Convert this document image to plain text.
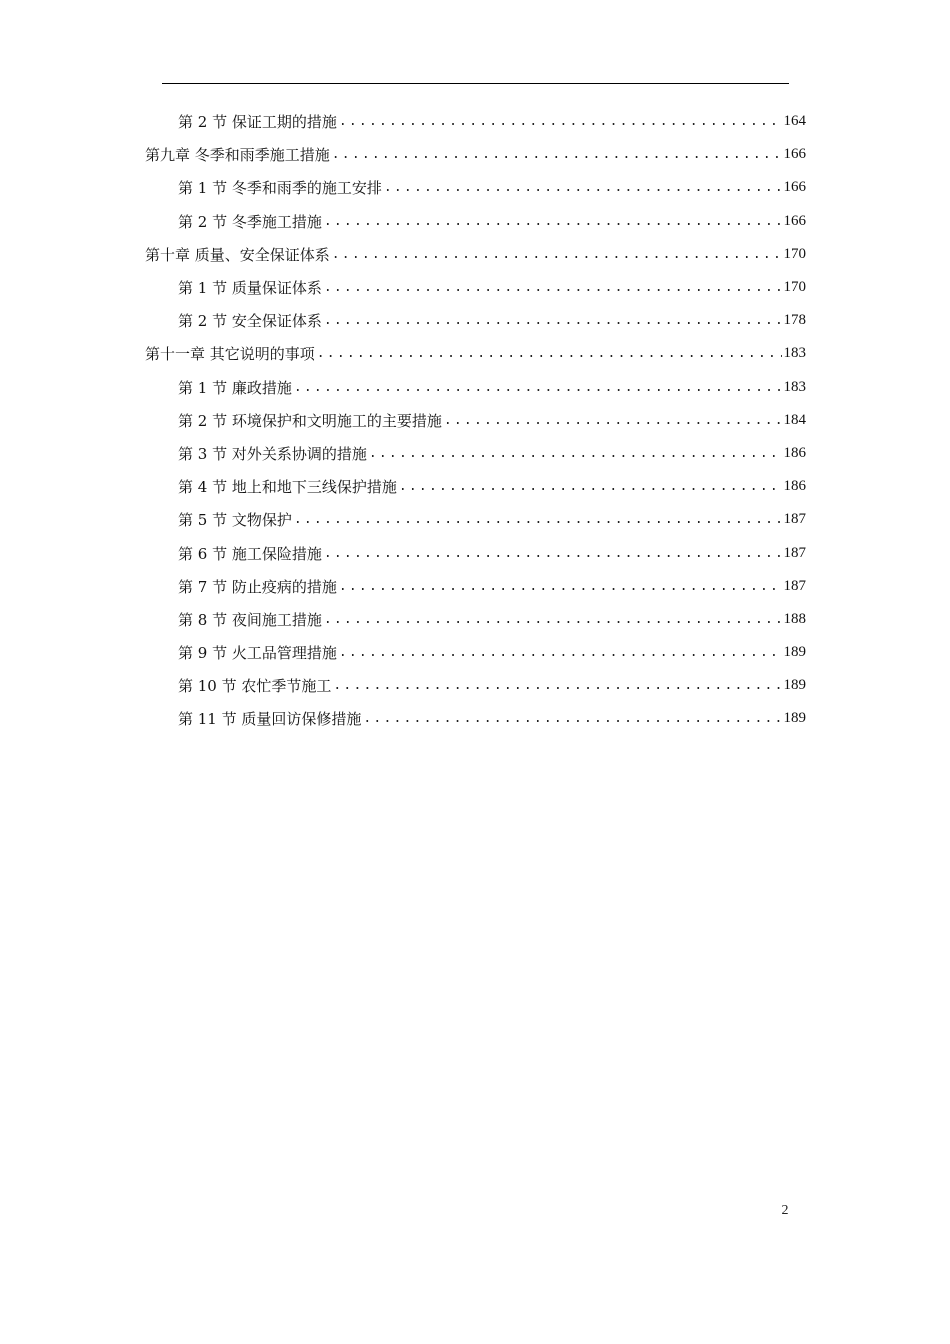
第 2 节 保证工期的措施 .....	164
第九章 冬季和雨季施工措施 .....	166
第 1 节 冬季和雨季的施工安排 .....	166
第 2 节 冬季施工措施 .....	166
第十章 质量、安全保证体系 .....	170
第 1 节 质量保证体系 .....	170
第 2 节 安全保证体系 .....	178
第十一章 其它说明的事项 .....	183
第 1 节 廉政措施 .....	183
第 2 节 环境保护和文明施工的主要措施 .....	184
第 3 节 对外关系协调的措施 .....	186
第 4 节 地上和地下三线保护措施 .....	186
第 5 节 文物保护 .....	187
第 6 节 施工保险措施 .....	187
第 7 节 防止疫病的措施 .....	187
第 8 节 夜间施工措施 .....	188
第 9 节 火工品管理措施 .....	189
第 10 节 农忙季节施工 .....	189
第 11 节 质量回访保修措施 .....	189
2
